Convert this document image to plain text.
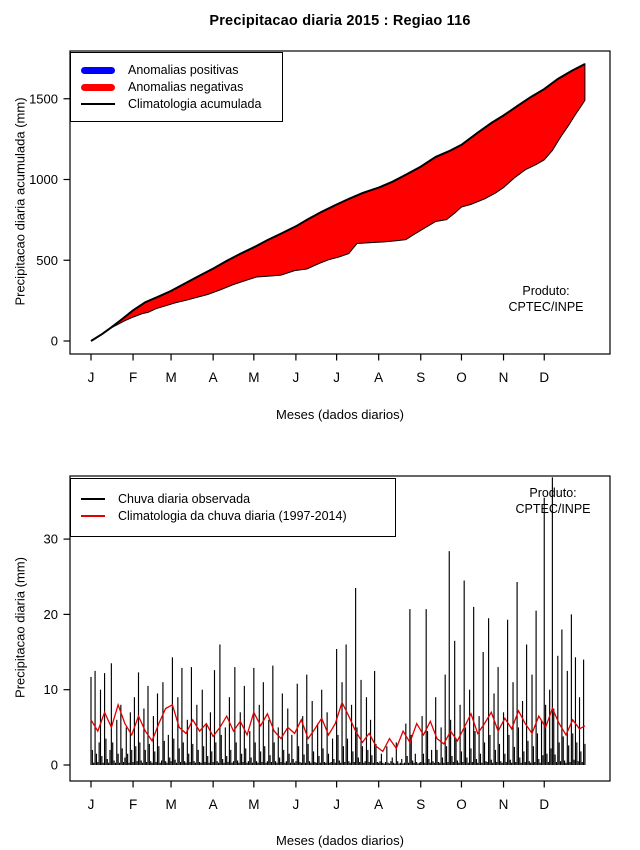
Precipitacao diaria 2015 : Regiao 116
0
500
1000
1500
J	F M A M J	J	A S O N D
0
10
20
30
J	F M A M J	J	A S O N D
Anomalias positivas
Anomalias negativas
Climatologia acumulada
Produto:
CPTEC/INPE
Precipitacao diaria acumulada (mm)
Meses (dados diarios)
Chuva diaria observada
Climatologia da chuva diaria (1997-2014)
Produto:
CPTEC/INPE
Precipitacao diaria (mm)
Meses (dados diarios)
